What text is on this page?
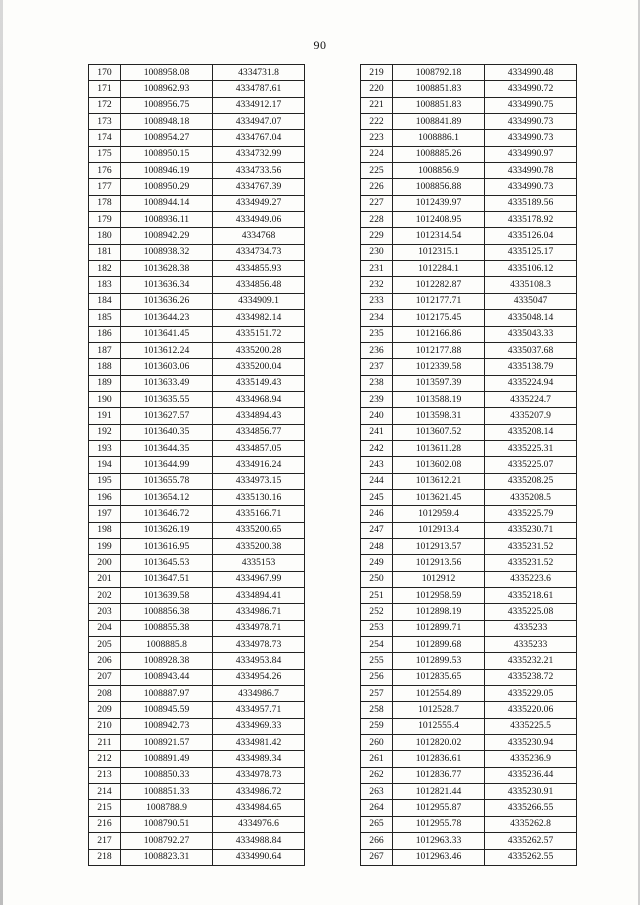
90
170	1008958.08	4334731.8
171	1008962.93	4334787.61
172	1008956.75	4334912.17
173	1008948.18	4334947.07
174	1008954.27	4334767.04
175	1008950.15	4334732.99
176	1008946.19	4334733.56
177	1008950.29	4334767.39
178	1008944.14	4334949.27
179	1008936.11	4334949.06
180	1008942.29	4334768
181	1008938.32	4334734.73
182	1013628.38	4334855.93
183	1013636.34	4334856.48
184	1013636.26	4334909.1
185	1013644.23	4334982.14
186	1013641.45	4335151.72
187	1013612.24	4335200.28
188	1013603.06	4335200.04
189	1013633.49	4335149.43
190	1013635.55	4334968.94
191	1013627.57	4334894.43
192	1013640.35	4334856.77
193	1013644.35	4334857.05
194	1013644.99	4334916.24
195	1013655.78	4334973.15
196	1013654.12	4335130.16
197	1013646.72	4335166.71
198	1013626.19	4335200.65
199	1013616.95	4335200.38
200	1013645.53	4335153
201	1013647.51	4334967.99
202	1013639.58	4334894.41
203	1008856.38	4334986.71
204	1008855.38	4334978.71
205	1008885.8	4334978.73
206	1008928.38	4334953.84
207	1008943.44	4334954.26
208	1008887.97	4334986.7
209	1008945.59	4334957.71
210	1008942.73	4334969.33
211	1008921.57	4334981.42
212	1008891.49	4334989.34
213	1008850.33	4334978.73
214	1008851.33	4334986.72
215	1008788.9	4334984.65
216	1008790.51	4334976.6
217	1008792.27	4334988.84
218	1008823.31	4334990.64
219	1008792.18	4334990.48
220	1008851.83	4334990.72
221	1008851.83	4334990.75
222	1008841.89	4334990.73
223	1008886.1	4334990.73
224	1008885.26	4334990.97
225	1008856.9	4334990.78
226	1008856.88	4334990.73
227	1012439.97	4335189.56
228	1012408.95	4335178.92
229	1012314.54	4335126.04
230	1012315.1	4335125.17
231	1012284.1	4335106.12
232	1012282.87	4335108.3
233	1012177.71	4335047
234	1012175.45	4335048.14
235	1012166.86	4335043.33
236	1012177.88	4335037.68
237	1012339.58	4335138.79
238	1013597.39	4335224.94
239	1013588.19	4335224.7
240	1013598.31	4335207.9
241	1013607.52	4335208.14
242	1013611.28	4335225.31
243	1013602.08	4335225.07
244	1013612.21	4335208.25
245	1013621.45	4335208.5
246	1012959.4	4335225.79
247	1012913.4	4335230.71
248	1012913.57	4335231.52
249	1012913.56	4335231.52
250	1012912	4335223.6
251	1012958.59	4335218.61
252	1012898.19	4335225.08
253	1012899.71	4335233
254	1012899.68	4335233
255	1012899.53	4335232.21
256	1012835.65	4335238.72
257	1012554.89	4335229.05
258	1012528.7	4335220.06
259	1012555.4	4335225.5
260	1012820.02	4335230.94
261	1012836.61	4335236.9
262	1012836.77	4335236.44
263	1012821.44	4335230.91
264	1012955.87	4335266.55
265	1012955.78	4335262.8
266	1012963.33	4335262.57
267	1012963.46	4335262.55
